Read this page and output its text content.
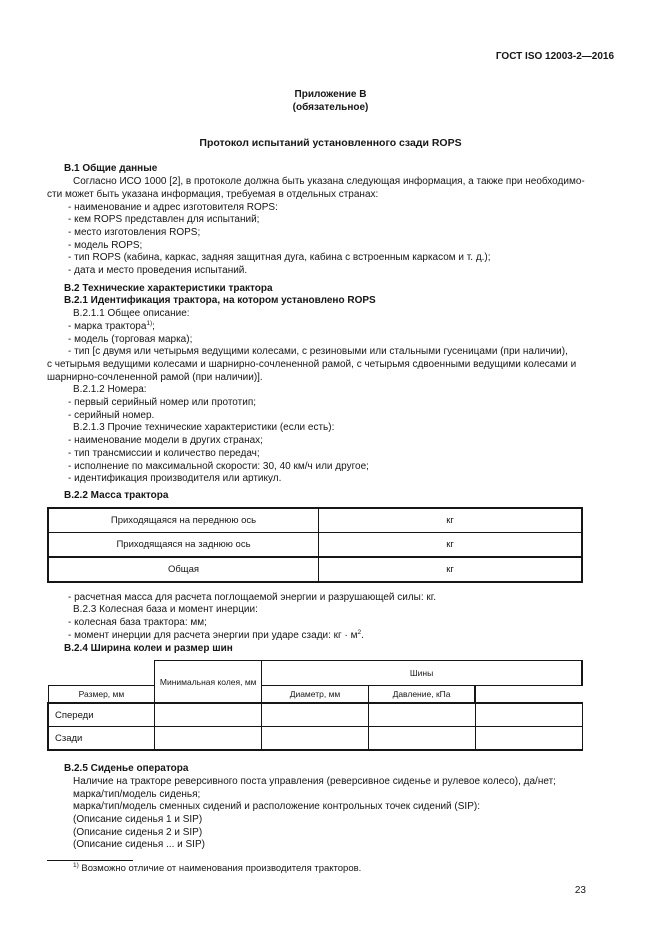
ГОСТ ISO 12003-2—2016
Приложение В
(обязательное)
Протокол испытаний установленного сзади ROPS
В.1 Общие данные
Согласно ИСО 1000 [2], в протоколе должна быть указана следующая информация, а также при необходимо-
сти может быть указана информация, требуемая в отдельных странах:
- наименование и адрес изготовителя ROPS:
- кем ROPS представлен для испытаний;
- место изготовления ROPS;
- модель ROPS;
- тип ROPS (кабина, каркас, задняя защитная дуга, кабина с встроенным каркасом и т. д.);
- дата и место проведения испытаний.
В.2 Технические характеристики трактора
В.2.1 Идентификация трактора, на котором установлено ROPS
В.2.1.1 Общее описание:
- марка трактора$^{1)}$;
- модель (торговая марка);
- тип [с двумя или четырьмя ведущими колесами, с резиновыми или стальными гусеницами (при наличии),
с четырьмя ведущими колесами и шарнирно-сочлененной рамой, с четырьмя сдвоенными ведущими колесами и
шарнирно-сочлененной рамой (при наличии)].
В.2.1.2 Номера:
- первый серийный номер или прототип;
- серийный номер.
В.2.1.3 Прочие технические характеристики (если есть):
- наименование модели в других странах;
- тип трансмиссии и количество передач;
- исполнение по максимальной скорости: 30, 40 км/ч или другое;
- идентификация производителя или артикул.
В.2.2 Масса трактора
Приходящаяся на переднюю ось	кг
Приходящаяся на заднюю ось	кг
Общая	кг
- расчетная масса для расчета поглощаемой энергии и разрушающей силы: кг.
В.2.3 Колесная база и момент инерции:
- колесная база трактора: мм;
- момент инерции для расчета энергии при ударе сзади: кг · м$^2$.
В.2.4 Ширина колеи и размер шин
	Минимальная колея, мм	Шины		
Размер, мм		Диаметр, мм	Давление, кПа	
Спереди				
Сзади				
В.2.5 Сиденье оператора
Наличие на тракторе реверсивного поста управления (реверсивное сиденье и рулевое колесо), да/нет;
марка/тип/модель сиденья;
марка/тип/модель сменных сидений и расположение контрольных точек сидений (SIP):
(Описание сиденья 1 и SIP)
(Описание сиденья 2 и SIP)
(Описание сиденья ... и SIP)
$^{1)}$ Возможно отличие от наименования производителя тракторов.
23
